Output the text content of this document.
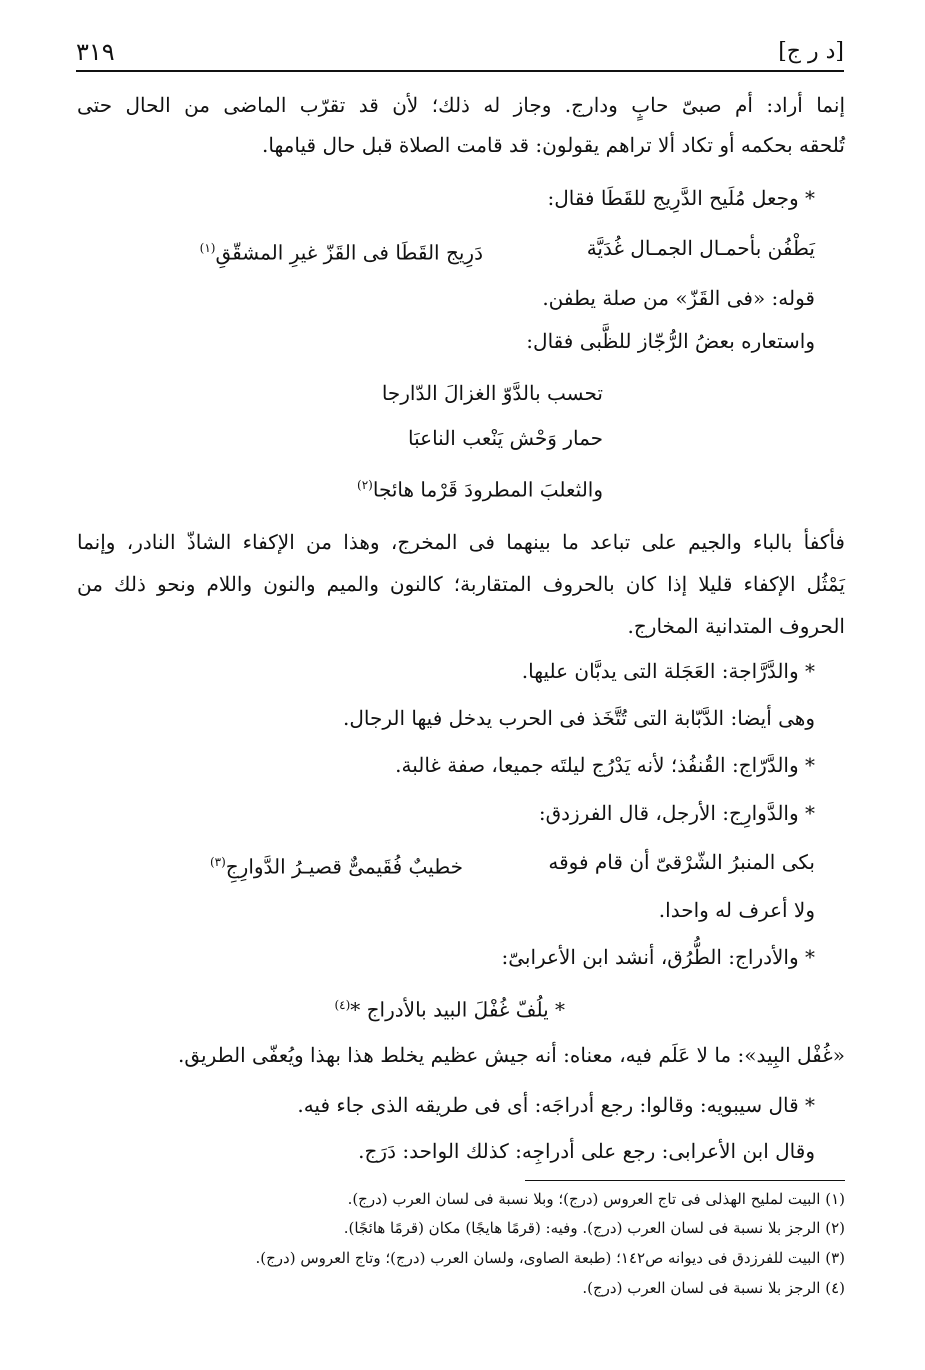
[د ر ج]
٣١٩
إنما أراد: أم صبىّ حابٍ ودارج. وجاز له ذلك؛ لأن قد تقرّب الماضى من الحال حتى
تُلحقه بحكمه أو تكاد ألا تراهم يقولون: قد قامت الصلاة قبل حال قيامها.
* وجعل مُلَيح الدَّرِيج للقَطَا فقال:
يَطْفُن بأحمـال الجمـال غُدَيَّة
دَرِيج القَطَا فى القَزّ غيرِ المشقّقِ$^{(١)}$
قوله: «فى القَزّ» من صلة يطفن.
واستعاره بعضُ الرُّجّاز للظَّبى فقال:
تحسب بالدَّوّ الغزالَ الدّارجا
حمار وَحْش يَنْعب الناعبَا
والثعلبَ المطرودَ قَرْما هائجا$^{(٢)}$
فأكفأ بالباء والجيم على تباعد ما بينهما فى المخرج، وهذا من الإكفاء الشاذّ النادر، وإنما
يَمْثُل الإكفاء قليلا إذا كان بالحروف المتقاربة؛ كالنون والميم والنون واللام ونحو ذلك من
الحروف المتدانية المخارج.
* والدَّرَّاجة: العَجَلة التى يدبَّان عليها.
وهى أيضا: الدَّبّابة التى تُتَّخَذ فى الحرب يدخل فيها الرجال.
* والدَّرّاج: القُنفُذ؛ لأنه يَدْرُج ليلتَه جميعا، صفة غالبة.
* والدَّوارِج: الأرجل، قال الفرزدق:
بكى المنبرُ الشّرْقىّ أن قام فوقه
خطيبٌ فُقَيمىٌّ قصيـرُ الدَّوارِجِ$^{(٣)}$
ولا أعرف له واحدا.
* والأدراج: الطُّرُق، أنشد ابن الأعرابىّ:
* يلُفّ غُفْلَ البيد بالأدراج *$^{(٤)}$
«غُفْل البِيد»: ما لا عَلَم فيه، معناه: أنه جيش عظيم يخلط هذا بهذا ويُعفّى الطريق.
* قال سيبويه: وقالوا: رجع أدراجَه: أى فى طريقه الذى جاء فيه.
وقال ابن الأعرابى: رجع على أدراجِه: كذلك الواحد: دَرَج.
(١) البيت لمليح الهذلى فى تاج العروس (درج)؛ وبلا نسبة فى لسان العرب (درج).
(٢) الرجز بلا نسبة فى لسان العرب (درج). وفيه: (قرمًا هايجًا) مكان (قرمًا هائجًا).
(٣) البيت للفرزدق فى ديوانه ص١٤٢؛ (طبعة الصاوى، ولسان العرب (درج)؛ وتاج العروس (درج).
(٤) الرجز بلا نسبة فى لسان العرب (درج).
